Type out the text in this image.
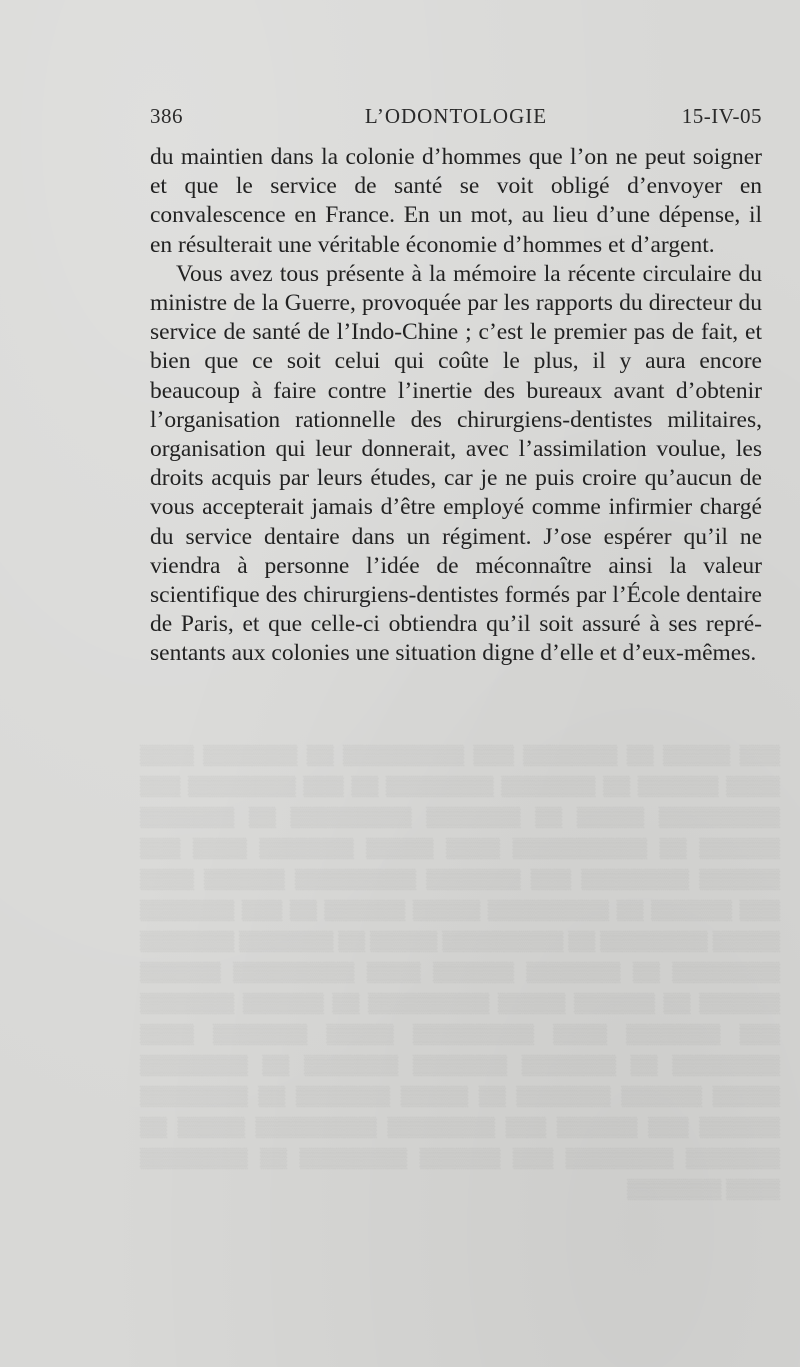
386	L’ODONTOLOGIE	15-IV-05

du maintien dans la colonie d’hommes que l’on ne peut soigner et que le service de santé se voit obligé d’envoyer en convalescence en France. En un mot, au lieu d’une dépense, il en résulterait une véritable économie d’hommes et d’argent.

Vous avez tous présente à la mémoire la récente circulaire du ministre de la Guerre, provoquée par les rapports du directeur du service de santé de l’Indo-Chine ; c’est le premier pas de fait, et bien que ce soit celui qui coûte le plus, il y aura encore beaucoup à faire contre l’inertie des bureaux avant d’obtenir l’organisation rationnelle des chirurgiens-dentistes militaires, organisation qui leur donnerait, avec l’assimilation voulue, les droits acquis par leurs études, car je ne puis croire qu’aucun de vous accepterait jamais d’être employé comme infirmier chargé du service dentaire dans un régiment. J’ose espérer qu’il ne viendra à personne l’idée de méconnaître ainsi la valeur scientifique des chirurgiens-dentistes formés par l’École dentaire de Paris, et que celle-ci obtiendra qu’il soit assuré à ses représentants aux colonies une situation digne d’elle et d’eux-mêmes.

▒▒▒ ▒▒▒▒▒ ▒▒ ▒▒▒▒▒▒▒ ▒▒▒ ▒▒▒▒▒▒▒▒▒ ▒▒ ▒▒▒▒▒▒▒ ▒▒▒▒ ▒▒▒▒ ▒▒▒▒▒▒ ▒▒ ▒▒▒▒▒▒▒ ▒▒▒▒▒▒▒▒ ▒▒ ▒▒▒ ▒▒▒▒▒▒▒▒ ▒▒▒ ▒▒▒▒▒▒▒▒▒ ▒▒▒▒▒ ▒▒ ▒▒▒▒▒▒▒ ▒▒▒▒▒▒▒▒▒ ▒▒ ▒▒▒▒▒▒▒ ▒▒▒▒▒▒ ▒▒ ▒▒▒▒▒▒▒▒▒▒ ▒▒▒▒ ▒▒▒▒▒ ▒▒▒▒▒▒▒ ▒▒▒▒ ▒▒▒ ▒▒▒▒▒▒ ▒▒▒▒▒▒▒▒ ▒▒▒ ▒▒▒▒▒▒▒ ▒▒▒▒▒▒▒▒▒ ▒▒▒▒▒▒ ▒▒▒▒ ▒▒▒ ▒▒▒▒▒▒ ▒▒ ▒▒▒▒▒▒▒▒▒ ▒▒▒▒▒ ▒▒▒▒▒▒ ▒▒ ▒▒▒ ▒▒▒▒▒▒▒ ▒▒▒▒▒ ▒▒▒▒▒▒▒▒ ▒▒ ▒▒▒▒▒▒▒▒▒ ▒▒▒▒▒ ▒▒ ▒▒▒▒▒▒▒ ▒▒▒▒▒▒▒ ▒▒▒▒▒▒▒▒ ▒▒ ▒▒▒▒▒▒▒ ▒▒▒▒▒▒ ▒▒▒▒ ▒▒▒▒▒▒▒▒▒ ▒▒▒▒▒▒ ▒▒▒▒▒▒ ▒▒ ▒▒▒▒▒▒ ▒▒▒▒▒ ▒▒▒▒▒▒▒▒▒ ▒▒ ▒▒▒▒▒▒ ▒▒▒▒▒▒▒ ▒▒▒ ▒▒▒▒▒▒▒ ▒▒▒▒ ▒▒▒▒▒▒▒▒▒ ▒▒▒▒▒ ▒▒▒▒▒▒▒ ▒▒▒▒ ▒▒▒▒▒▒▒▒ ▒▒ ▒▒▒▒▒▒▒ ▒▒▒▒▒▒▒ ▒▒▒▒▒▒▒ ▒▒ ▒▒▒▒▒▒▒▒ ▒▒▒▒▒ ▒▒▒▒▒▒ ▒▒▒▒▒▒▒ ▒▒ ▒▒▒▒▒ ▒▒▒▒▒▒▒ ▒▒ ▒▒▒▒▒▒▒▒ ▒▒▒▒▒▒ ▒▒▒ ▒▒▒▒▒▒ ▒▒▒ ▒▒▒▒▒▒▒▒ ▒▒▒▒▒▒▒▒▒ ▒▒▒▒▒ ▒▒ ▒▒▒▒▒▒▒ ▒▒▒▒▒▒▒▒ ▒▒▒ ▒▒▒▒▒▒ ▒▒▒▒▒▒▒▒ ▒▒ ▒▒▒▒▒▒▒▒ ▒▒▒▒ ▒▒▒▒▒▒▒
